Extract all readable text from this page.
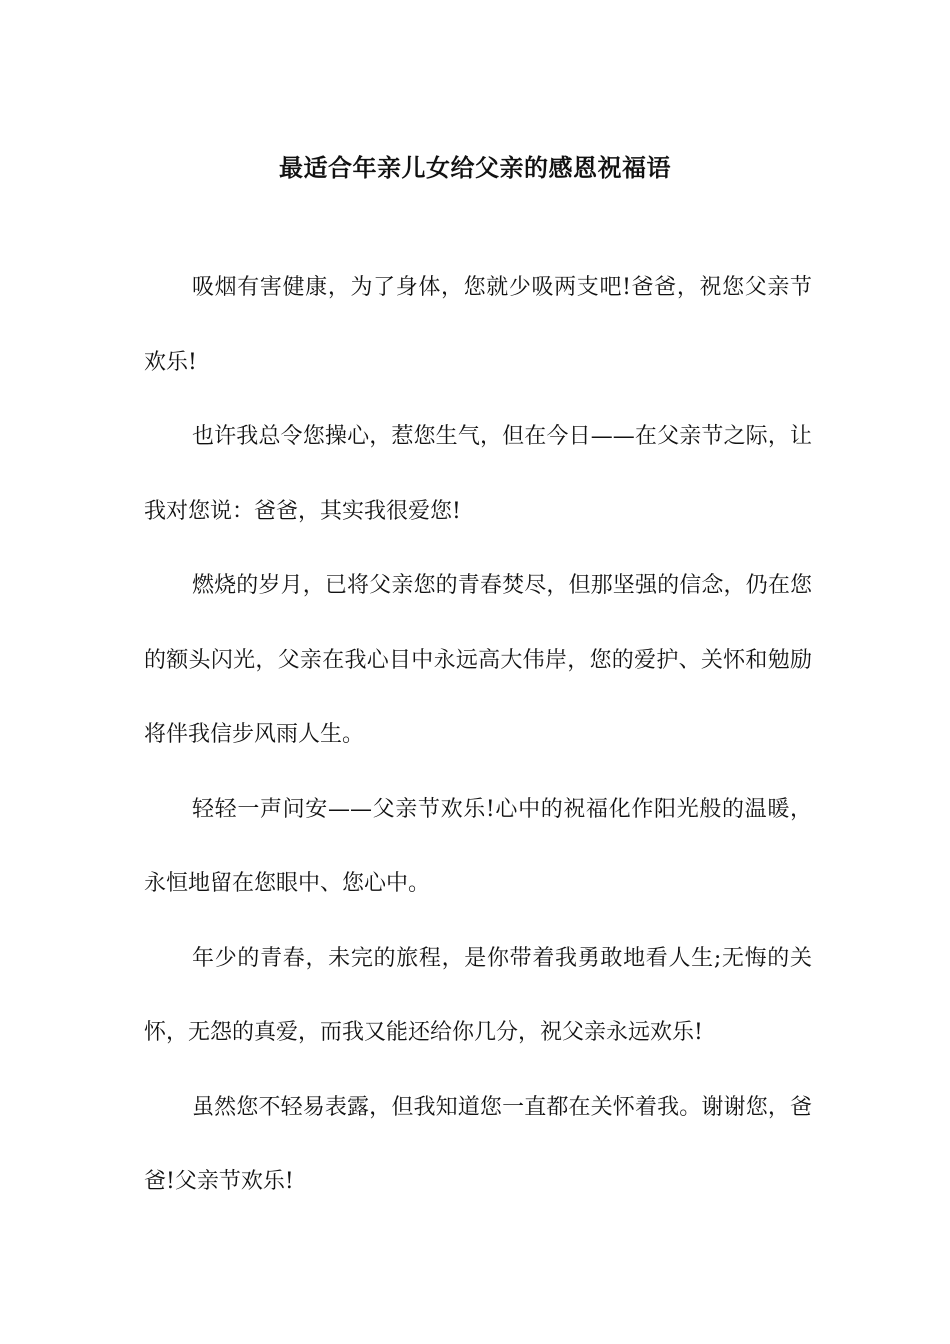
最适合年亲儿女给父亲的感恩祝福语

吸烟有害健康，为了身体，您就少吸两支吧!爸爸，祝您父亲节欢乐!

也许我总令您操心，惹您生气，但在今日——在父亲节之际，让我对您说：爸爸，其实我很爱您!

燃烧的岁月，已将父亲您的青春焚尽，但那坚强的信念，仍在您的额头闪光，父亲在我心目中永远高大伟岸，您的爱护、关怀和勉励将伴我信步风雨人生。

轻轻一声问安——父亲节欢乐!心中的祝福化作阳光般的温暖，永恒地留在您眼中、您心中。

年少的青春，未完的旅程，是你带着我勇敢地看人生;无悔的关怀，无怨的真爱，而我又能还给你几分，祝父亲永远欢乐!

虽然您不轻易表露，但我知道您一直都在关怀着我。谢谢您，爸爸!父亲节欢乐!
